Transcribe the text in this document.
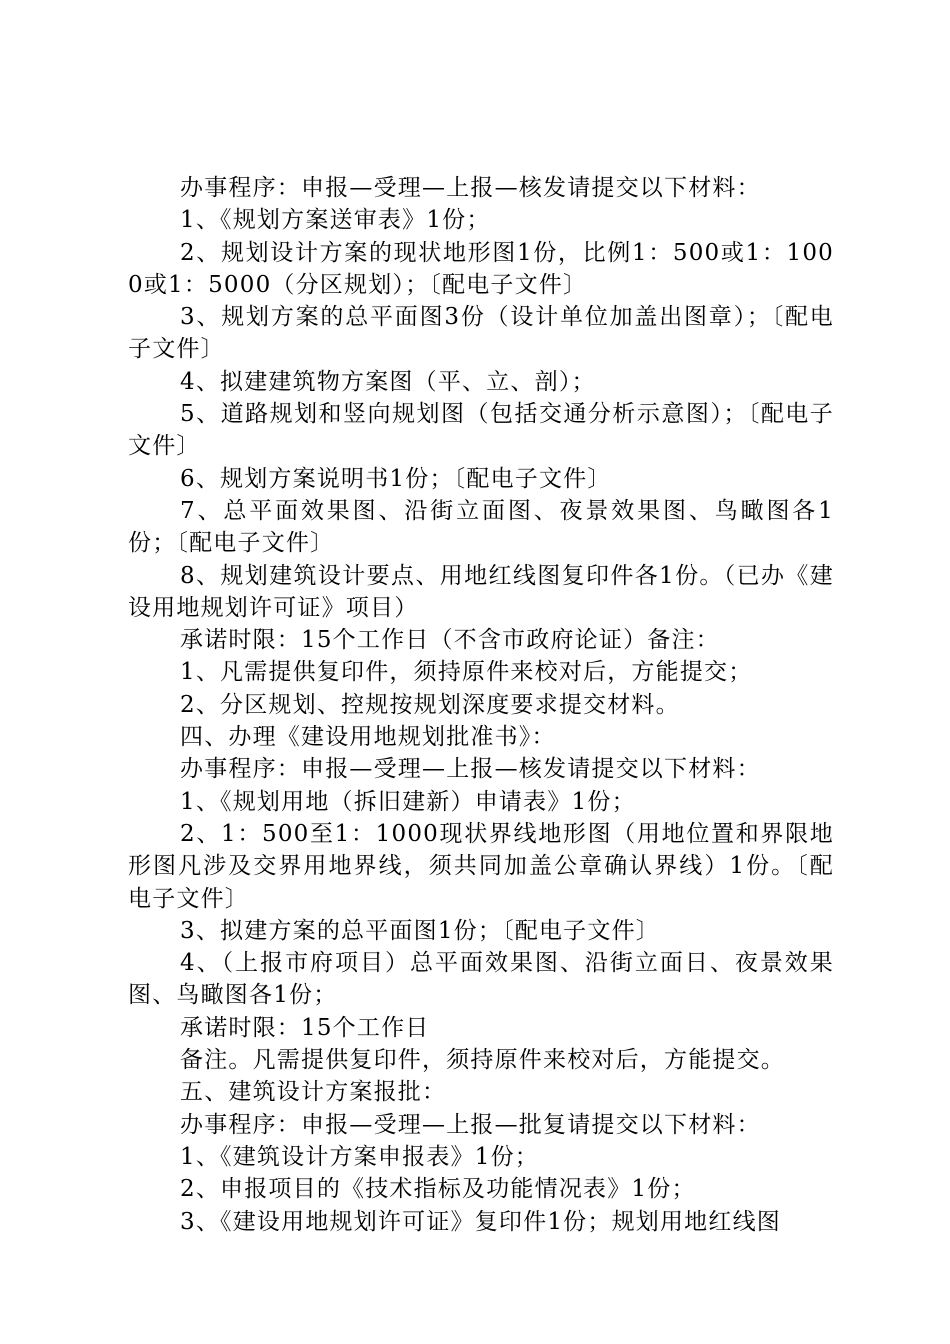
办事程序：申报—受理—上报—核发请提交以下材料：

1、《规划方案送审表》1份；

2、规划设计方案的现状地形图1份，比例1：500或1：1000或1：5000（分区规划）；〔配电子文件〕

3、规划方案的总平面图3份（设计单位加盖出图章）；〔配电子文件〕

4、拟建建筑物方案图（平、立、剖）；

5、道路规划和竖向规划图（包括交通分析示意图）；〔配电子文件〕

6、规划方案说明书1份；〔配电子文件〕

7、总平面效果图、沿街立面图、夜景效果图、鸟瞰图各1份；〔配电子文件〕

8、规划建筑设计要点、用地红线图复印件各1份。（已办《建设用地规划许可证》项目）

承诺时限：15个工作日（不含市政府论证）备注：

1、凡需提供复印件，须持原件来校对后，方能提交；

2、分区规划、控规按规划深度要求提交材料。

四、办理《建设用地规划批准书》：

办事程序：申报—受理—上报—核发请提交以下材料：

1、《规划用地（拆旧建新）申请表》1份；

2、1：500至1：1000现状界线地形图（用地位置和界限地形图凡涉及交界用地界线，须共同加盖公章确认界线）1份。〔配电子文件〕

3、拟建方案的总平面图1份；〔配电子文件〕

4、（上报市府项目）总平面效果图、沿街立面日、夜景效果图、鸟瞰图各1份；

承诺时限：15个工作日

备注。凡需提供复印件，须持原件来校对后，方能提交。

五、建筑设计方案报批：

办事程序：申报—受理—上报—批复请提交以下材料：

1、《建筑设计方案申报表》1份；

2、申报项目的《技术指标及功能情况表》1份；

3、《建设用地规划许可证》复印件1份；规划用地红线图
